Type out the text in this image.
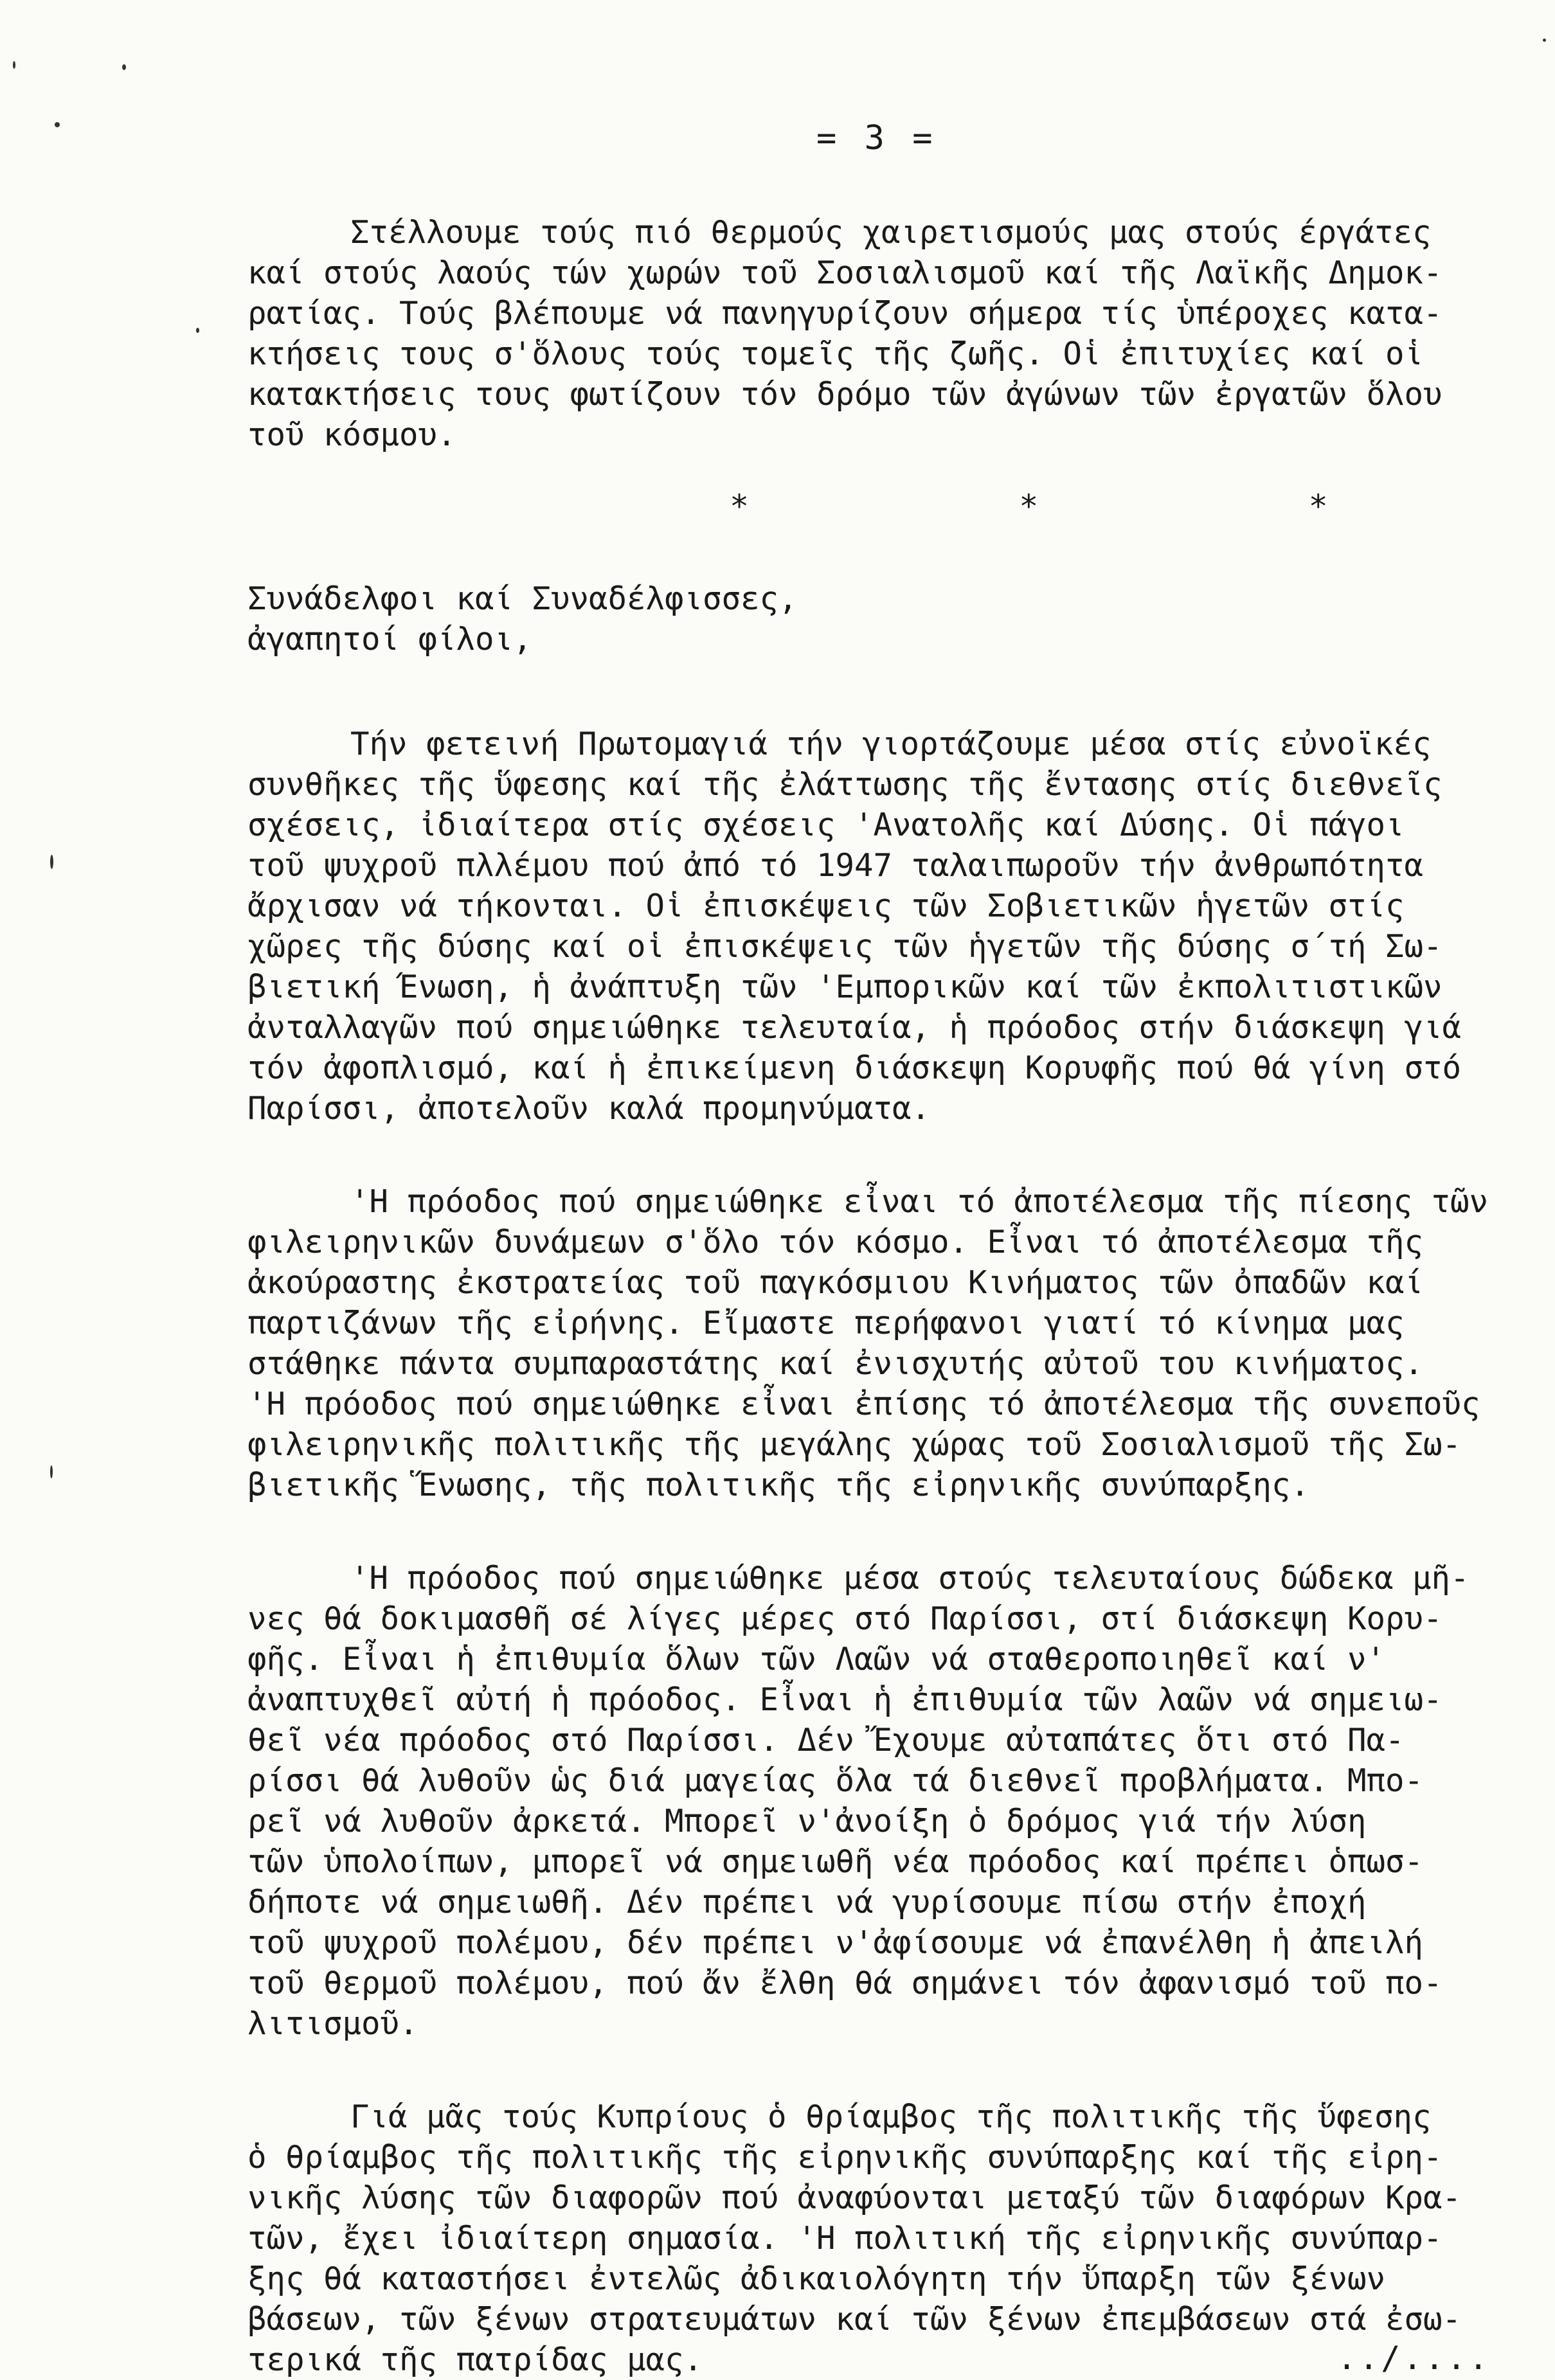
= 3 =
Στέλλουμε τούς πιό θερμούς χαιρετισμούς μας στούς έργάτες
καί στούς λαούς τών χωρών τοῦ Σοσιαλισμοῦ καί τῆς Λαϊκῆς Δημοκ-
ρατίας. Τούς βλέπουμε νά πανηγυρίζουν σήμερα τίς ὑπέροχες κατα-
κτήσεις τους σ'ὅλους τούς τομεῖς τῆς ζωῆς. Οἱ ἐπιτυχίες καί οἱ
κατακτήσεις τους φωτίζουν τόν δρόμο τῶν ἀγώνων τῶν ἐργατῶν ὅλου
τοῦ κόσμου.
*  *  *
Συνάδελφοι καί Συναδέλφισσες,
ἀγαπητοί φίλοι,
Τήν φετεινή Πρωτομαγιά τήν γιορτάζουμε μέσα στίς εὐνοϊκές
συνθῆκες τῆς ὕφεσης καί τῆς ἐλάττωσης τῆς ἔντασης στίς διεθνεῖς
σχέσεις, ἰδιαίτερα στίς σχέσεις 'Ανατολῆς καί Δύσης. Οἱ πάγοι
τοῦ ψυχροῦ πλλέμου πού ἀπό τό 1947 ταλαιπωροῦν τήν ἀνθρωπότητα
ἄρχισαν νά τήκονται. Οἱ ἐπισκέψεις τῶν Σοβιετικῶν ἡγετῶν στίς
χῶρες τῆς δύσης καί οἱ ἐπισκέψεις τῶν ἡγετῶν τῆς δύσης σ΄τή Σω-
βιετική Ένωση, ἡ ἀνάπτυξη τῶν 'Εμπορικῶν καί τῶν ἐκπολιτιστικῶν
ἀνταλλαγῶν πού σημειώθηκε τελευταία, ἡ πρόοδος στήν διάσκεψη γιά
τόν ἀφοπλισμό, καί ἡ ἐπικείμενη διάσκεψη Κορυφῆς πού θά γίνη στό
Παρίσσι, ἀποτελοῦν καλά προμηνύματα.
'Η πρόοδος πού σημειώθηκε εἶναι τό ἀποτέλεσμα τῆς πίεσης τῶν
φιλειρηνικῶν δυνάμεων σ'ὅλο τόν κόσμο. Εἶναι τό ἀποτέλεσμα τῆς
ἀκούραστης ἐκστρατείας τοῦ παγκόσμιου Κινήματος τῶν ὀπαδῶν καί
παρτιζάνων τῆς εἰρήνης. Εἴμαστε περήφανοι γιατί τό κίνημα μας
στάθηκε πάντα συμπαραστάτης καί ἐνισχυτής αὐτοῦ του κινήματος.
'Η πρόοδος πού σημειώθηκε εἶναι ἐπίσης τό ἀποτέλεσμα τῆς συνεποῦς
φιλειρηνικῆς πολιτικῆς τῆς μεγάλης χώρας τοῦ Σοσιαλισμοῦ τῆς Σω-
βιετικῆς Ἕνωσης, τῆς πολιτικῆς τῆς εἰρηνικῆς συνύπαρξης.
'Η πρόοδος πού σημειώθηκε μέσα στούς τελευταίους δώδεκα μῆ-
νες θά δοκιμασθῆ σέ λίγες μέρες στό Παρίσσι, στί διάσκεψη Κορυ-
φῆς. Εἶναι ἡ ἐπιθυμία ὅλων τῶν Λαῶν νά σταθεροποιηθεῖ καί ν'
ἀναπτυχθεῖ αὐτή ἡ πρόοδος. Εἶναι ἡ ἐπιθυμία τῶν λαῶν νά σημειω-
θεῖ νέα πρόοδος στό Παρίσσι. Δέν Ἔχουμε αὐταπάτες ὅτι στό Πα-
ρίσσι θά λυθοῦν ὡς διά μαγείας ὅλα τά διεθνεῖ προβλήματα. Μπο-
ρεῖ νά λυθοῦν ἀρκετά. Μπορεῖ ν'ἀνοίξη ὁ δρόμος γιά τήν λύση
τῶν ὑπολοίπων, μπορεῖ νά σημειωθῆ νέα πρόοδος καί πρέπει ὁπωσ-
δήποτε νά σημειωθῆ. Δέν πρέπει νά γυρίσουμε πίσω στήν ἐποχή
τοῦ ψυχροῦ πολέμου, δέν πρέπει ν'ἀφίσουμε νά ἐπανέλθη ἡ ἀπειλή
τοῦ θερμοῦ πολέμου, πού ἄν ἔλθη θά σημάνει τόν ἀφανισμό τοῦ πο-
λιτισμοῦ.
Γιά μᾶς τούς Κυπρίους ὁ θρίαμβος τῆς πολιτικῆς τῆς ὕφεσης
ὁ θρίαμβος τῆς πολιτικῆς τῆς εἰρηνικῆς συνύπαρξης καί τῆς εἰρη-
νικῆς λύσης τῶν διαφορῶν πού ἀναφύονται μεταξύ τῶν διαφόρων Κρα-
τῶν, ἔχει ἰδιαίτερη σημασία. 'Η πολιτική τῆς εἰρηνικῆς συνύπαρ-
ξης θά καταστήσει ἐντελῶς ἀδικαιολόγητη τήν ὕπαρξη τῶν ξένων
βάσεων, τῶν ξένων στρατευμάτων καί τῶν ξένων ἐπεμβάσεων στά ἐσω-
τερικά τῆς πατρίδας μας.	../....
